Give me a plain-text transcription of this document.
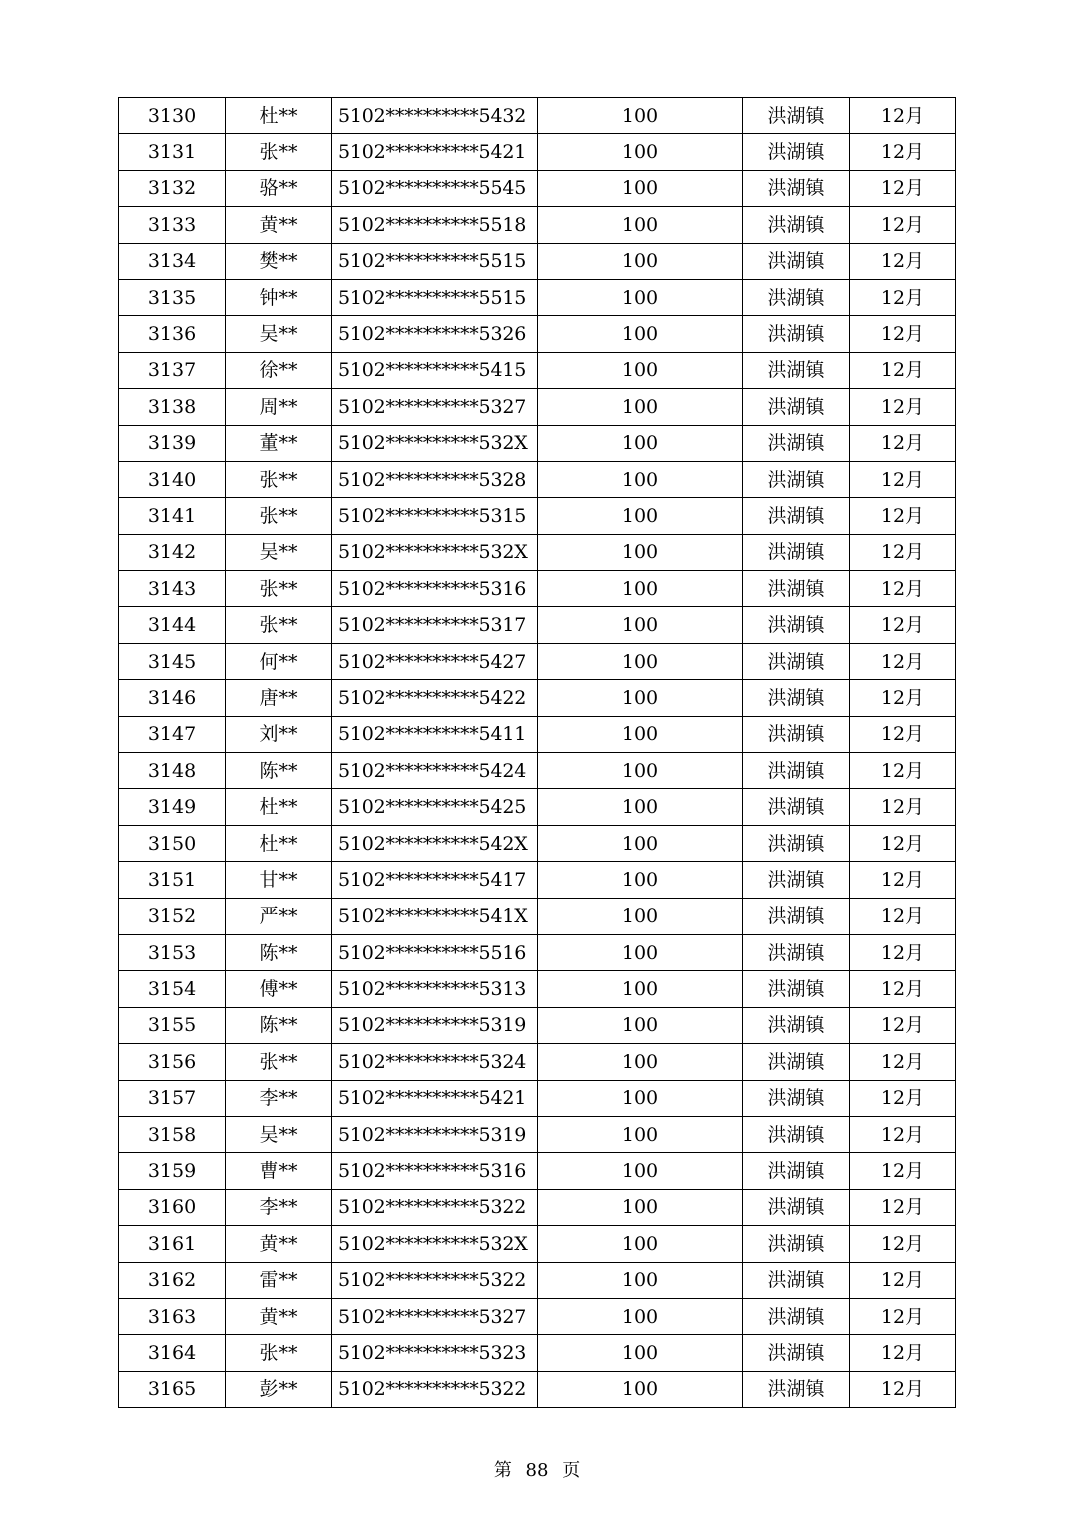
3130	杜**	5102**********5432	100	洪湖镇	12月
3131	张**	5102**********5421	100	洪湖镇	12月
3132	骆**	5102**********5545	100	洪湖镇	12月
3133	黄**	5102**********5518	100	洪湖镇	12月
3134	樊**	5102**********5515	100	洪湖镇	12月
3135	钟**	5102**********5515	100	洪湖镇	12月
3136	吴**	5102**********5326	100	洪湖镇	12月
3137	徐**	5102**********5415	100	洪湖镇	12月
3138	周**	5102**********5327	100	洪湖镇	12月
3139	董**	5102**********532X	100	洪湖镇	12月
3140	张**	5102**********5328	100	洪湖镇	12月
3141	张**	5102**********5315	100	洪湖镇	12月
3142	吴**	5102**********532X	100	洪湖镇	12月
3143	张**	5102**********5316	100	洪湖镇	12月
3144	张**	5102**********5317	100	洪湖镇	12月
3145	何**	5102**********5427	100	洪湖镇	12月
3146	唐**	5102**********5422	100	洪湖镇	12月
3147	刘**	5102**********5411	100	洪湖镇	12月
3148	陈**	5102**********5424	100	洪湖镇	12月
3149	杜**	5102**********5425	100	洪湖镇	12月
3150	杜**	5102**********542X	100	洪湖镇	12月
3151	甘**	5102**********5417	100	洪湖镇	12月
3152	严**	5102**********541X	100	洪湖镇	12月
3153	陈**	5102**********5516	100	洪湖镇	12月
3154	傅**	5102**********5313	100	洪湖镇	12月
3155	陈**	5102**********5319	100	洪湖镇	12月
3156	张**	5102**********5324	100	洪湖镇	12月
3157	李**	5102**********5421	100	洪湖镇	12月
3158	吴**	5102**********5319	100	洪湖镇	12月
3159	曹**	5102**********5316	100	洪湖镇	12月
3160	李**	5102**********5322	100	洪湖镇	12月
3161	黄**	5102**********532X	100	洪湖镇	12月
3162	雷**	5102**********5322	100	洪湖镇	12月
3163	黄**	5102**********5327	100	洪湖镇	12月
3164	张**	5102**********5323	100	洪湖镇	12月
3165	彭**	5102**********5322	100	洪湖镇	12月
第 88 页
